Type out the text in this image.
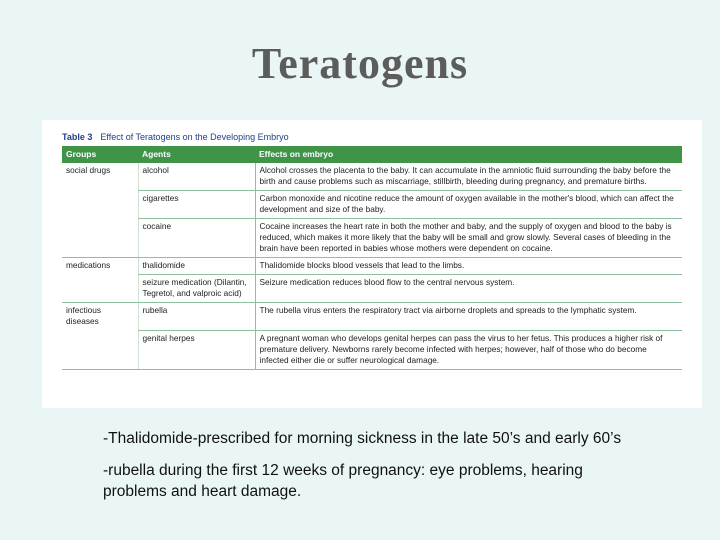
Teratogens
Table 3 Effect of Teratogens on the Developing Embryo
Groups	Agents	Effects on embryo
social drugs	alcohol	Alcohol crosses the placenta to the baby. It can accumulate in the amniotic fluid surrounding the baby before the birth and cause problems such as miscarriage, stillbirth, bleeding during pregnancy, and premature births.
	cigarettes	Carbon monoxide and nicotine reduce the amount of oxygen available in the mother's blood, which can affect the development and size of the baby.
	cocaine	Cocaine increases the heart rate in both the mother and baby, and the supply of oxygen and blood to the baby is reduced, which makes it more likely that the baby will be small and grow slowly. Several cases of bleeding in the brain have been reported in babies whose mothers were dependent on cocaine.
medications	thalidomide	Thalidomide blocks blood vessels that lead to the limbs.
	seizure medication (Dilantin, Tegretol, and valproic acid)	Seizure medication reduces blood flow to the central nervous system.
infectious diseases	rubella	The rubella virus enters the respiratory tract via airborne droplets and spreads to the lymphatic system.
	genital herpes	A pregnant woman who develops genital herpes can pass the virus to her fetus. This produces a higher risk of premature delivery. Newborns rarely become infected with herpes; however, half of those who do become infected either die or suffer neurological damage.

-Thalidomide-prescribed for morning sickness in the late 50’s and early 60’s

-rubella during the first 12 weeks of pregnancy: eye problems, hearing problems and heart damage.
